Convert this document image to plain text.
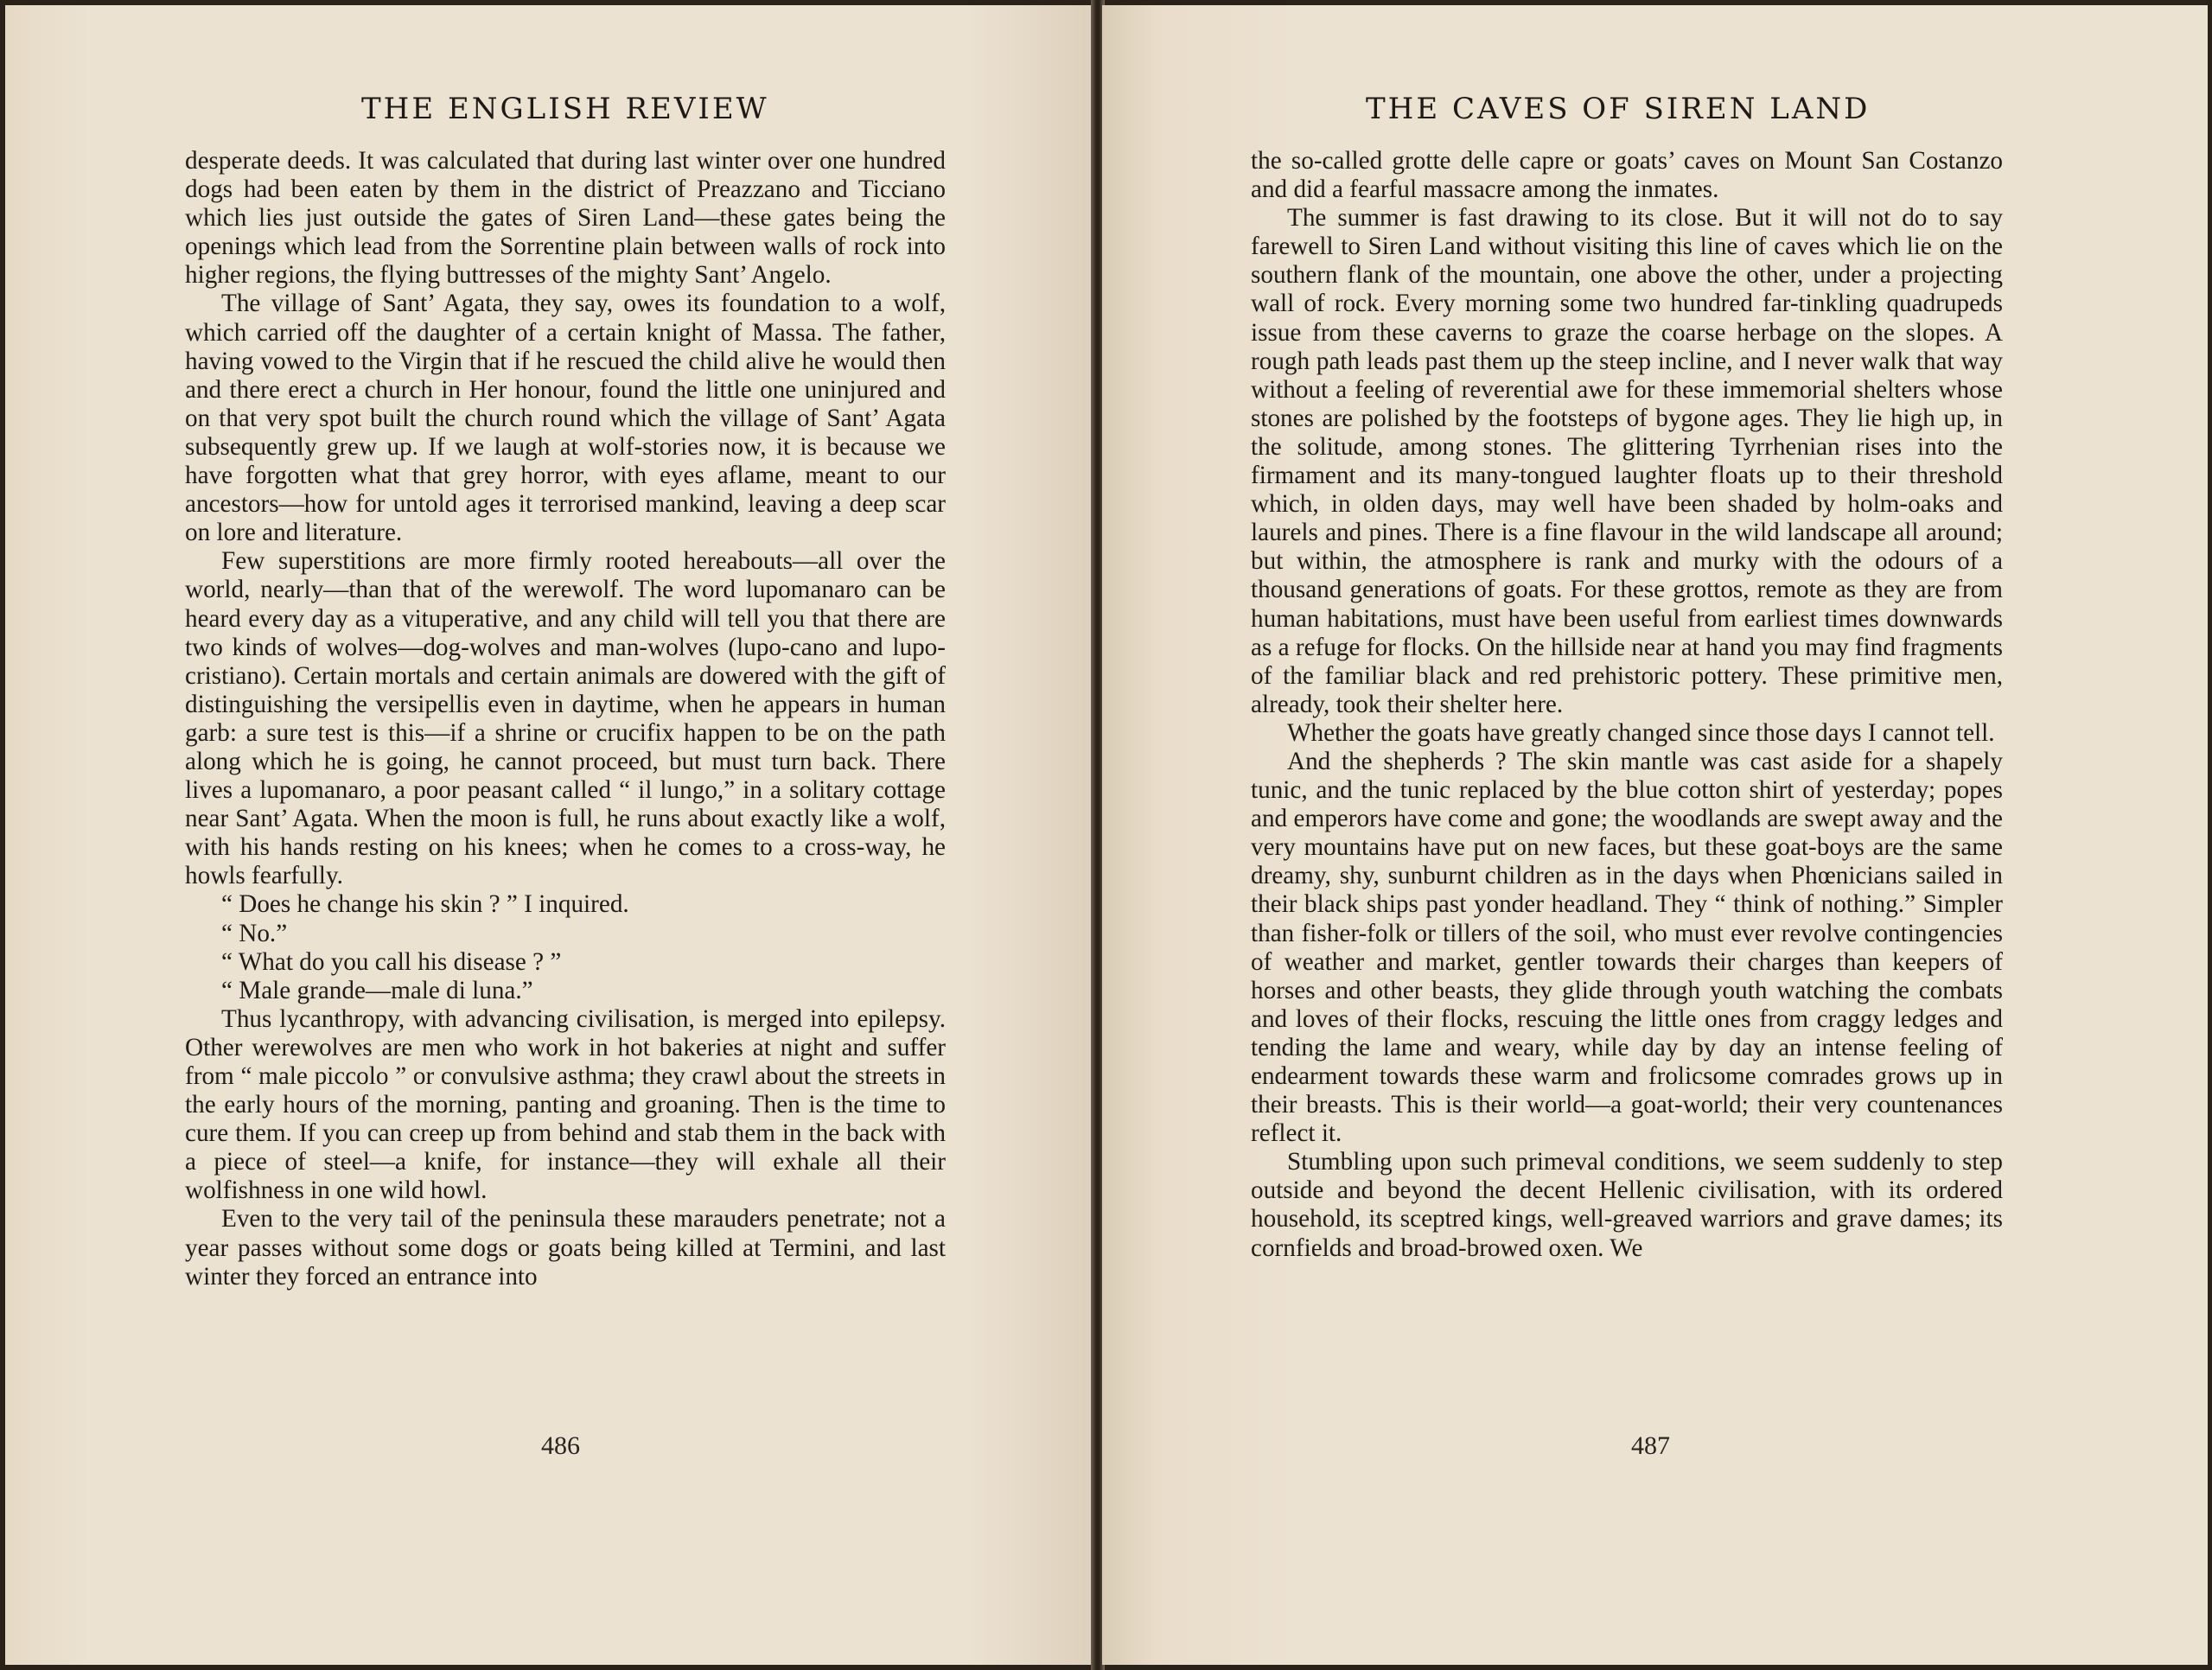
THE ENGLISH REVIEW

desperate deeds. It was calculated that during last winter over one hundred dogs had been eaten by them in the district of Preazzano and Ticciano which lies just outside the gates of Siren Land—these gates being the openings which lead from the Sorrentine plain between walls of rock into higher regions, the flying buttresses of the mighty Sant’ Angelo.

The village of Sant’ Agata, they say, owes its foundation to a wolf, which carried off the daughter of a certain knight of Massa. The father, having vowed to the Virgin that if he rescued the child alive he would then and there erect a church in Her honour, found the little one uninjured and on that very spot built the church round which the village of Sant’ Agata subsequently grew up. If we laugh at wolf-stories now, it is because we have forgotten what that grey horror, with eyes aflame, meant to our ancestors—how for untold ages it terrorised mankind, leaving a deep scar on lore and literature.

Few superstitions are more firmly rooted hereabouts—all over the world, nearly—than that of the werewolf. The word lupomanaro can be heard every day as a vituperative, and any child will tell you that there are two kinds of wolves—dog-wolves and man-wolves (lupo-cano and lupo-cristiano). Certain mortals and certain animals are dowered with the gift of distinguishing the versipellis even in daytime, when he appears in human garb: a sure test is this—if a shrine or crucifix happen to be on the path along which he is going, he cannot proceed, but must turn back. There lives a lupomanaro, a poor peasant called “ il lungo,” in a solitary cottage near Sant’ Agata. When the moon is full, he runs about exactly like a wolf, with his hands resting on his knees; when he comes to a cross-way, he howls fearfully.

“ Does he change his skin ? ” I inquired.

“ No.”

“ What do you call his disease ? ”

“ Male grande—male di luna.”

Thus lycanthropy, with advancing civilisation, is merged into epilepsy. Other werewolves are men who work in hot bakeries at night and suffer from “ male piccolo ” or convulsive asthma; they crawl about the streets in the early hours of the morning, panting and groaning. Then is the time to cure them. If you can creep up from behind and stab them in the back with a piece of steel—a knife, for instance—they will exhale all their wolfishness in one wild howl.

Even to the very tail of the peninsula these marauders penetrate; not a year passes without some dogs or goats being killed at Termini, and last winter they forced an entrance into

486
THE CAVES OF SIREN LAND

the so-called grotte delle capre or goats’ caves on Mount San Costanzo and did a fearful massacre among the inmates.

The summer is fast drawing to its close. But it will not do to say farewell to Siren Land without visiting this line of caves which lie on the southern flank of the mountain, one above the other, under a projecting wall of rock. Every morning some two hundred far-tinkling quadrupeds issue from these caverns to graze the coarse herbage on the slopes. A rough path leads past them up the steep incline, and I never walk that way without a feeling of reverential awe for these immemorial shelters whose stones are polished by the footsteps of bygone ages. They lie high up, in the solitude, among stones. The glittering Tyrrhenian rises into the firmament and its many-tongued laughter floats up to their threshold which, in olden days, may well have been shaded by holm-oaks and laurels and pines. There is a fine flavour in the wild landscape all around; but within, the atmosphere is rank and murky with the odours of a thousand generations of goats. For these grottos, remote as they are from human habitations, must have been useful from earliest times downwards as a refuge for flocks. On the hillside near at hand you may find fragments of the familiar black and red prehistoric pottery. These primitive men, already, took their shelter here.

Whether the goats have greatly changed since those days I cannot tell.

And the shepherds ? The skin mantle was cast aside for a shapely tunic, and the tunic replaced by the blue cotton shirt of yesterday; popes and emperors have come and gone; the woodlands are swept away and the very mountains have put on new faces, but these goat-boys are the same dreamy, shy, sunburnt children as in the days when Phœnicians sailed in their black ships past yonder headland. They “ think of nothing.” Simpler than fisher-folk or tillers of the soil, who must ever revolve contingencies of weather and market, gentler towards their charges than keepers of horses and other beasts, they glide through youth watching the combats and loves of their flocks, rescuing the little ones from craggy ledges and tending the lame and weary, while day by day an intense feeling of endearment towards these warm and frolicsome comrades grows up in their breasts. This is their world—a goat-world; their very countenances reflect it.

Stumbling upon such primeval conditions, we seem suddenly to step outside and beyond the decent Hellenic civilisation, with its ordered household, its sceptred kings, well-greaved warriors and grave dames; its cornfields and broad-browed oxen. We

487
